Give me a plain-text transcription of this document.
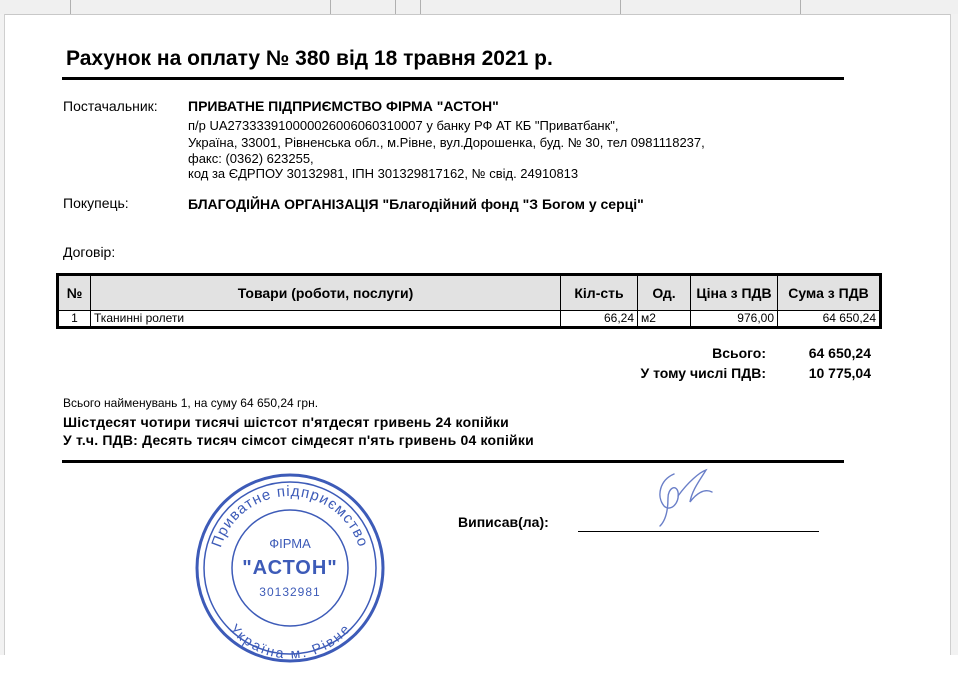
Рахунок на оплату № 380 від 18 травня 2021 р.
Постачальник: ПРИВАТНЕ ПІДПРИЄМСТВО ФІРМА "АСТОН"
п/р UA273333910000026006060310007 у банку РФ АТ КБ "Приватбанк",
Україна, 33001, Рівненська обл., м.Рівне, вул.Дорошенка, буд. № 30, тел 0981118237,
факс: (0362) 623255,
код за ЄДРПОУ 30132981, ІПН 301329817162, № свід. 24910813
Покупець:	БЛАГОДІЙНА ОРГАНІЗАЦІЯ "Благодійний фонд "З Богом у серці"
Договір:
№	Товари (роботи, послуги)	Кіл-сть	Од.	Ціна з ПДВ	Сума з ПДВ
1	Тканинні ролети	66,24	м2	976,00	64 650,24
Всього:	64 650,24
У тому числі ПДВ:	10 775,04
Всього найменувань 1, на суму 64 650,24 грн.
Шістдесят чотири тисячі шістсот п'ятдесят гривень 24 копійки
У т.ч. ПДВ: Десять тисяч сімсот сімдесят п'ять гривень 04 копійки
Приватне підприємство
Україна м. Рівне
ФІРМА
"АСТОН"
30132981
Виписав(ла):
